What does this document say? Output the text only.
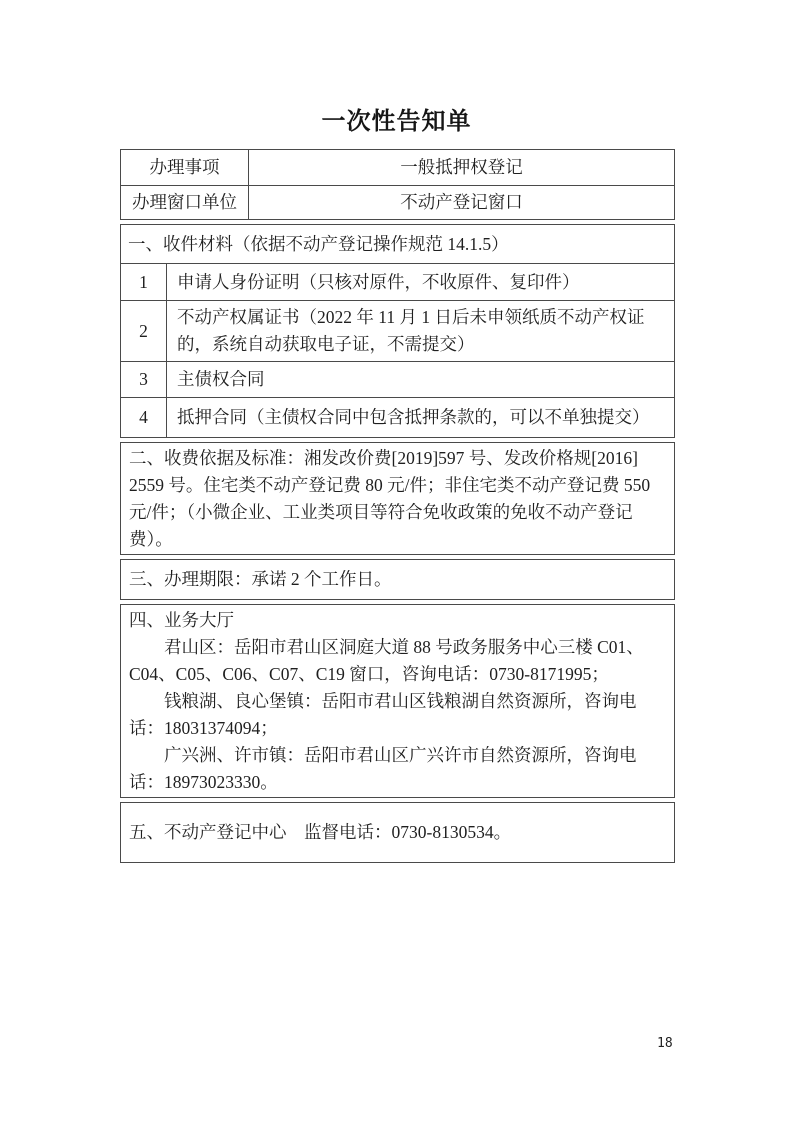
一次性告知单
办理事项	一般抵押权登记
办理窗口单位	不动产登记窗口
一、收件材料（依据不动产登记操作规范 14.1.5）	
1	申请人身份证明（只核对原件，不收原件、复印件）
2	不动产权属证书（2022 年 11 月 1 日后未申领纸质不动产权证的，系统自动获取电子证，不需提交）
3	主债权合同
4	抵押合同（主债权合同中包含抵押条款的，可以不单独提交）
二、收费依据及标准：湘发改价费[2019]597 号、发改价格规[2016]
2559 号。住宅类不动产登记费 80 元/件；非住宅类不动产登记费 550
元/件；（小微企业、工业类项目等符合免收政策的免收不动产登记
费）。
三、办理期限：承诺 2 个工作日。
四、业务大厅
　　君山区：岳阳市君山区洞庭大道 88 号政务服务中心三楼 C01、
C04、C05、C06、C07、C19 窗口，咨询电话：0730-8171995；
　　钱粮湖、良心堡镇：岳阳市君山区钱粮湖自然资源所，咨询电
话：18031374094；
　　广兴洲、许市镇：岳阳市君山区广兴许市自然资源所，咨询电
话：18973023330。
五、不动产登记中心　监督电话：0730-8130534。
18
